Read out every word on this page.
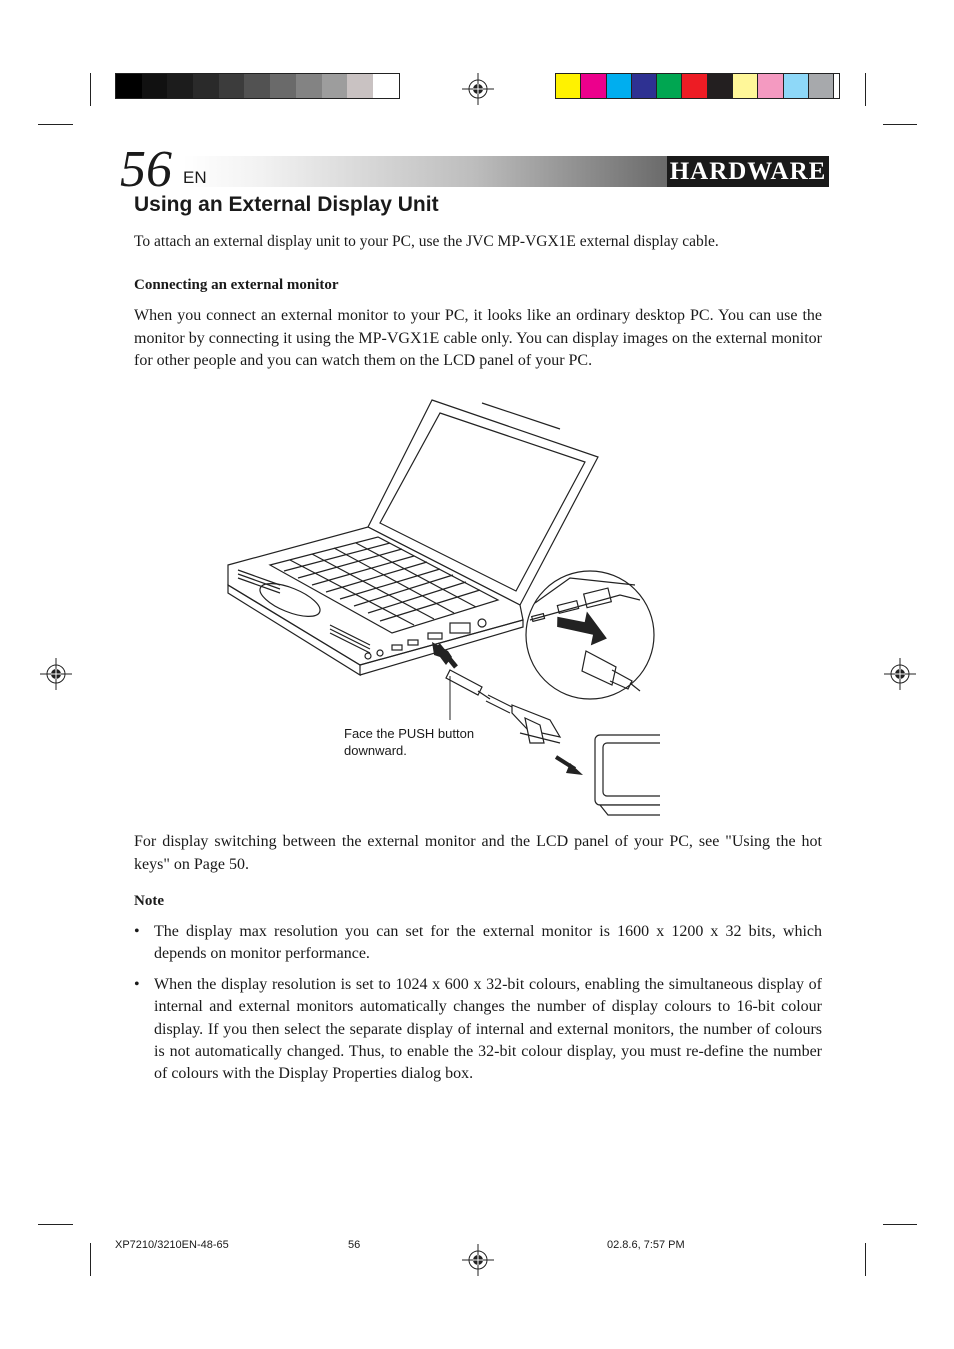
56 EN	HARDWARE
Using an External Display Unit

To attach an external display unit to your PC, use the JVC MP-VGX1E external display cable.

Connecting an external monitor

When you connect an external monitor to your PC, it looks like an ordinary desktop PC. You can use the monitor by connecting it using the MP-VGX1E cable only. You can display images on the external monitor for other people and you can watch them on the LCD panel of your PC.

Face the PUSH button downward.

For display switching between the external monitor and the LCD panel of your PC, see "Using the hot keys" on Page 50.

Note

• The display max resolution you can set for the external monitor is 1600 x 1200 x 32 bits, which depends on monitor performance.
• When the display resolution is set to 1024 x 600 x 32-bit colours, enabling the simultaneous display of internal and external monitors automatically changes the number of display colours to 16-bit colour display. If you then select the separate display of internal and external monitors, the number of colours is not automatically changed. Thus, to enable the 32-bit colour display, you must re-define the number of colours with the Display Properties dialog box.
XP7210/3210EN-48-65	56	02.8.6, 7:57 PM
